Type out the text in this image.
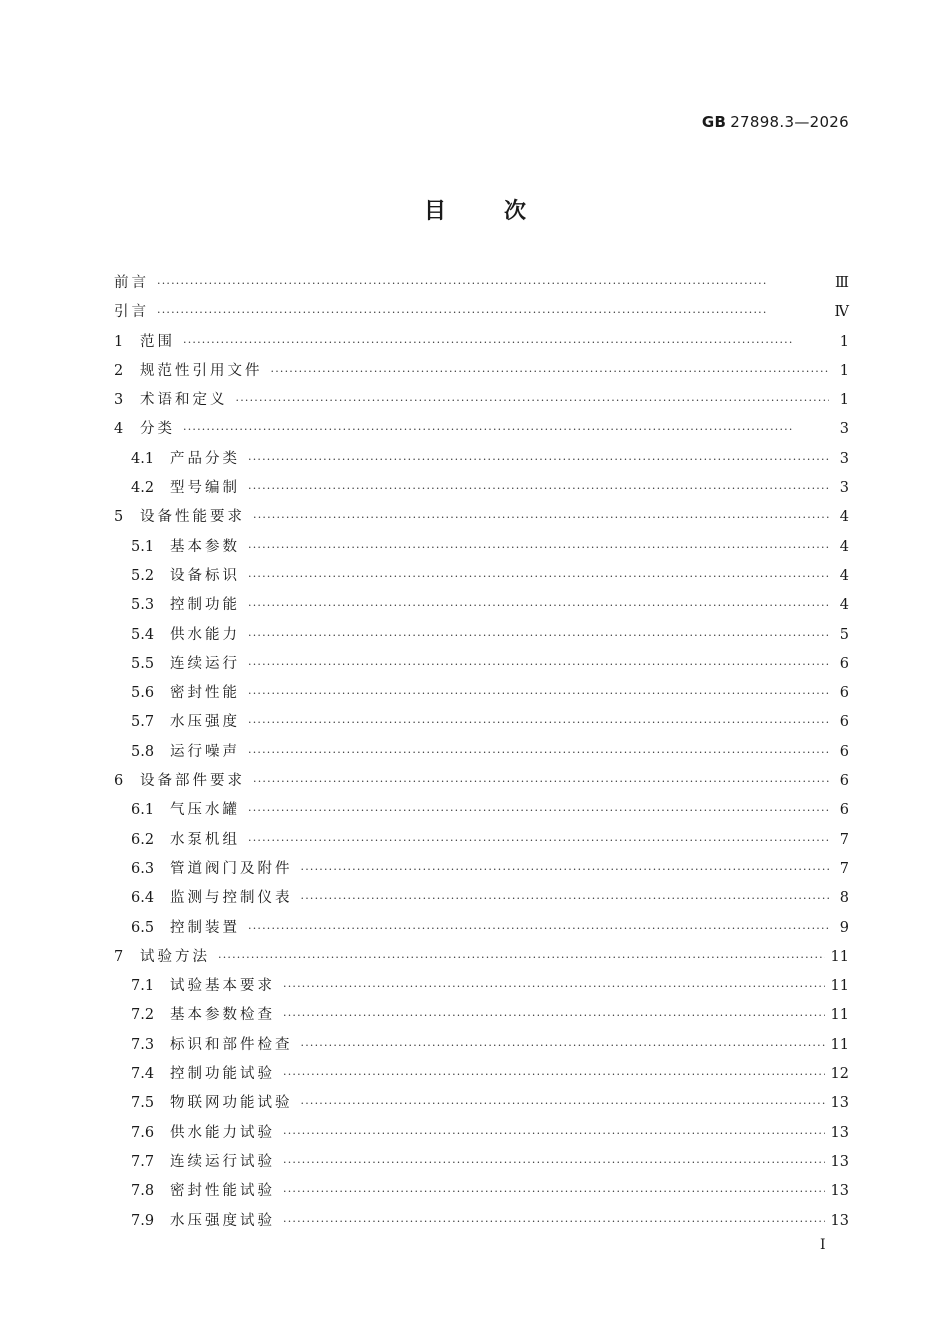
GB 27898.3—2026
目次
前言 ·····	Ⅲ
引言 ·····	Ⅳ
1	范围 ·····	1
2	规范性引用文件 ·····	1
3	术语和定义 ·····	1
4	分类 ·····	3
4.1	产品分类 ·····	3
4.2	型号编制 ·····	3
5	设备性能要求 ·····	4
5.1	基本参数 ·····	4
5.2	设备标识 ·····	4
5.3	控制功能 ·····	4
5.4	供水能力 ·····	5
5.5	连续运行 ·····	6
5.6	密封性能 ·····	6
5.7	水压强度 ·····	6
5.8	运行噪声 ·····	6
6	设备部件要求 ·····	6
6.1	气压水罐 ·····	6
6.2	水泵机组 ·····	7
6.3	管道阀门及附件 ·····	7
6.4	监测与控制仪表 ·····	8
6.5	控制装置 ·····	9
7	试验方法 ·····	11
7.1	试验基本要求 ·····	11
7.2	基本参数检查 ·····	11
7.3	标识和部件检查 ·····	11
7.4	控制功能试验 ·····	12
7.5	物联网功能试验 ·····	13
7.6	供水能力试验 ·····	13
7.7	连续运行试验 ·····	13
7.8	密封性能试验 ·····	13
7.9	水压强度试验 ·····	13
Ⅰ
